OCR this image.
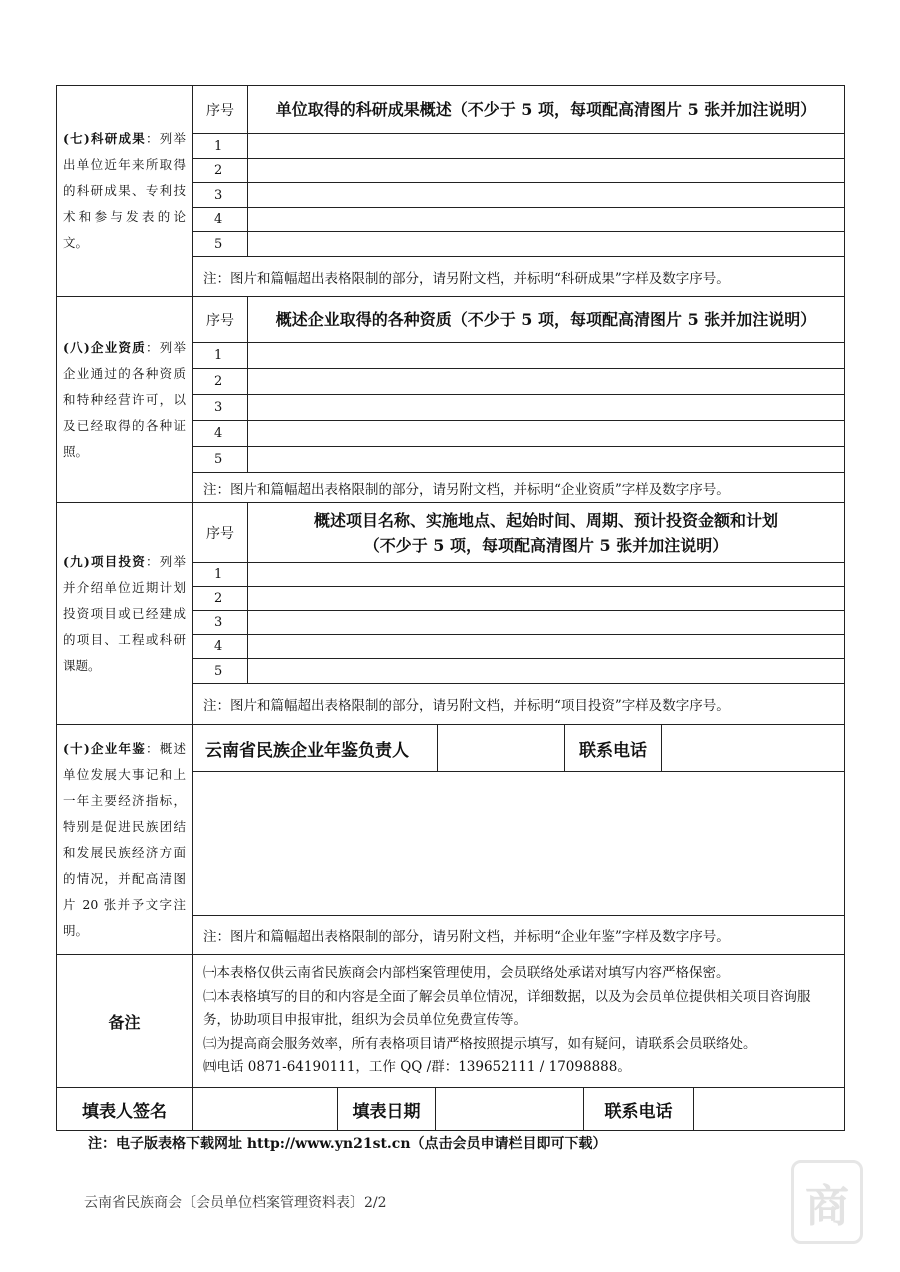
(七)科研成果：列举出单位近年来所取得的科研成果、专利技术和参与发表的论文。
序号	单位取得的科研成果概述（不少于 5 项，每项配高清图片 5 张并加注说明）
1
2
3
4
5
注：图片和篇幅超出表格限制的部分，请另附文档，并标明“科研成果”字样及数字序号。
(八)企业资质：列举企业通过的各种资质和特种经营许可，以及已经取得的各种证照。
序号	概述企业取得的各种资质（不少于 5 项，每项配高清图片 5 张并加注说明）
1
2
3
4
5
注：图片和篇幅超出表格限制的部分，请另附文档，并标明“企业资质”字样及数字序号。
(九)项目投资：列举并介绍单位近期计划投资项目或已经建成的项目、工程或科研课题。
序号
概述项目名称、实施地点、起始时间、周期、预计投资金额和计划
（不少于 5 项，每项配高清图片 5 张并加注说明）
1
2
3
4
5
注：图片和篇幅超出表格限制的部分，请另附文档，并标明“项目投资”字样及数字序号。
(十)企业年鉴：概述单位发展大事记和上一年主要经济指标，特别是促进民族团结和发展民族经济方面的情况，并配高清图片 20 张并予文字注明。
云南省民族企业年鉴负责人	联系电话
注：图片和篇幅超出表格限制的部分，请另附文档，并标明“企业年鉴”字样及数字序号。
备注
㈠本表格仅供云南省民族商会内部档案管理使用，会员联络处承诺对填写内容严格保密。
㈡本表格填写的目的和内容是全面了解会员单位情况，详细数据，以及为会员单位提供相关项目咨询服务，协助项目申报审批，组织为会员单位免费宣传等。
㈢为提高商会服务效率，所有表格项目请严格按照提示填写，如有疑问，请联系会员联络处。
㈣电话 0871-64190111，工作 QQ /群：139652111 / 17098888。
填表人签名	填表日期	联系电话
注：电子版表格下载网址 http://www.yn21st.cn（点击会员申请栏目即可下载）
云南省民族商会〔会员单位档案管理资料表〕2/2	商
